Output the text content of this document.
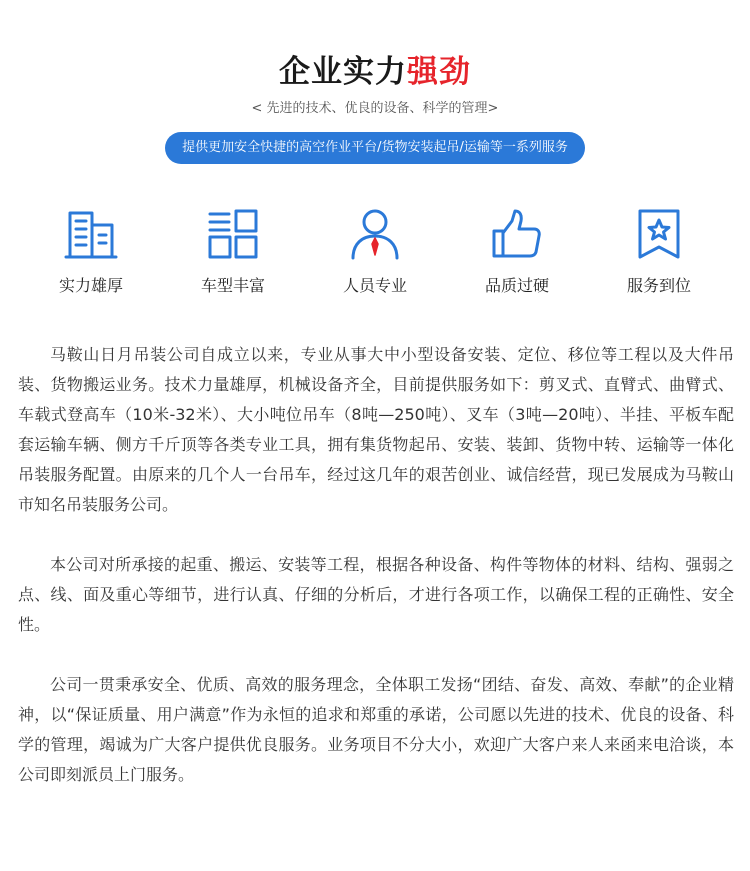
企业实力强劲
< 先进的技术、优良的设备、科学的管理>
提供更加安全快捷的高空作业平台/货物安装起吊/运输等一系列服务
实力雄厚	车型丰富	人员专业	品质过硬	服务到位

马鞍山日月吊装公司自成立以来，专业从事大中小型设备安装、定位、移位等工程以及大件吊装、货物搬运业务。技术力量雄厚，机械设备齐全，目前提供服务如下：剪叉式、直臂式、曲臂式、车载式登高车（10米-32米）、大小吨位吊车（8吨—250吨）、叉车（3吨—20吨）、半挂、平板车配套运输车辆、侧方千斤顶等各类专业工具，拥有集货物起吊、安装、装卸、货物中转、运输等一体化吊装服务配置。由原来的几个人一台吊车，经过这几年的艰苦创业、诚信经营，现已发展成为马鞍山市知名吊装服务公司。

本公司对所承接的起重、搬运、安装等工程，根据各种设备、构件等物体的材料、结构、强弱之点、线、面及重心等细节，进行认真、仔细的分析后，才进行各项工作，以确保工程的正确性、安全性。

公司一贯秉承安全、优质、高效的服务理念，全体职工发扬“团结、奋发、高效、奉献”的企业精神，以“保证质量、用户满意”作为永恒的追求和郑重的承诺，公司愿以先进的技术、优良的设备、科学的管理，竭诚为广大客户提供优良服务。业务项目不分大小，欢迎广大客户来人来函来电洽谈，本公司即刻派员上门服务。
